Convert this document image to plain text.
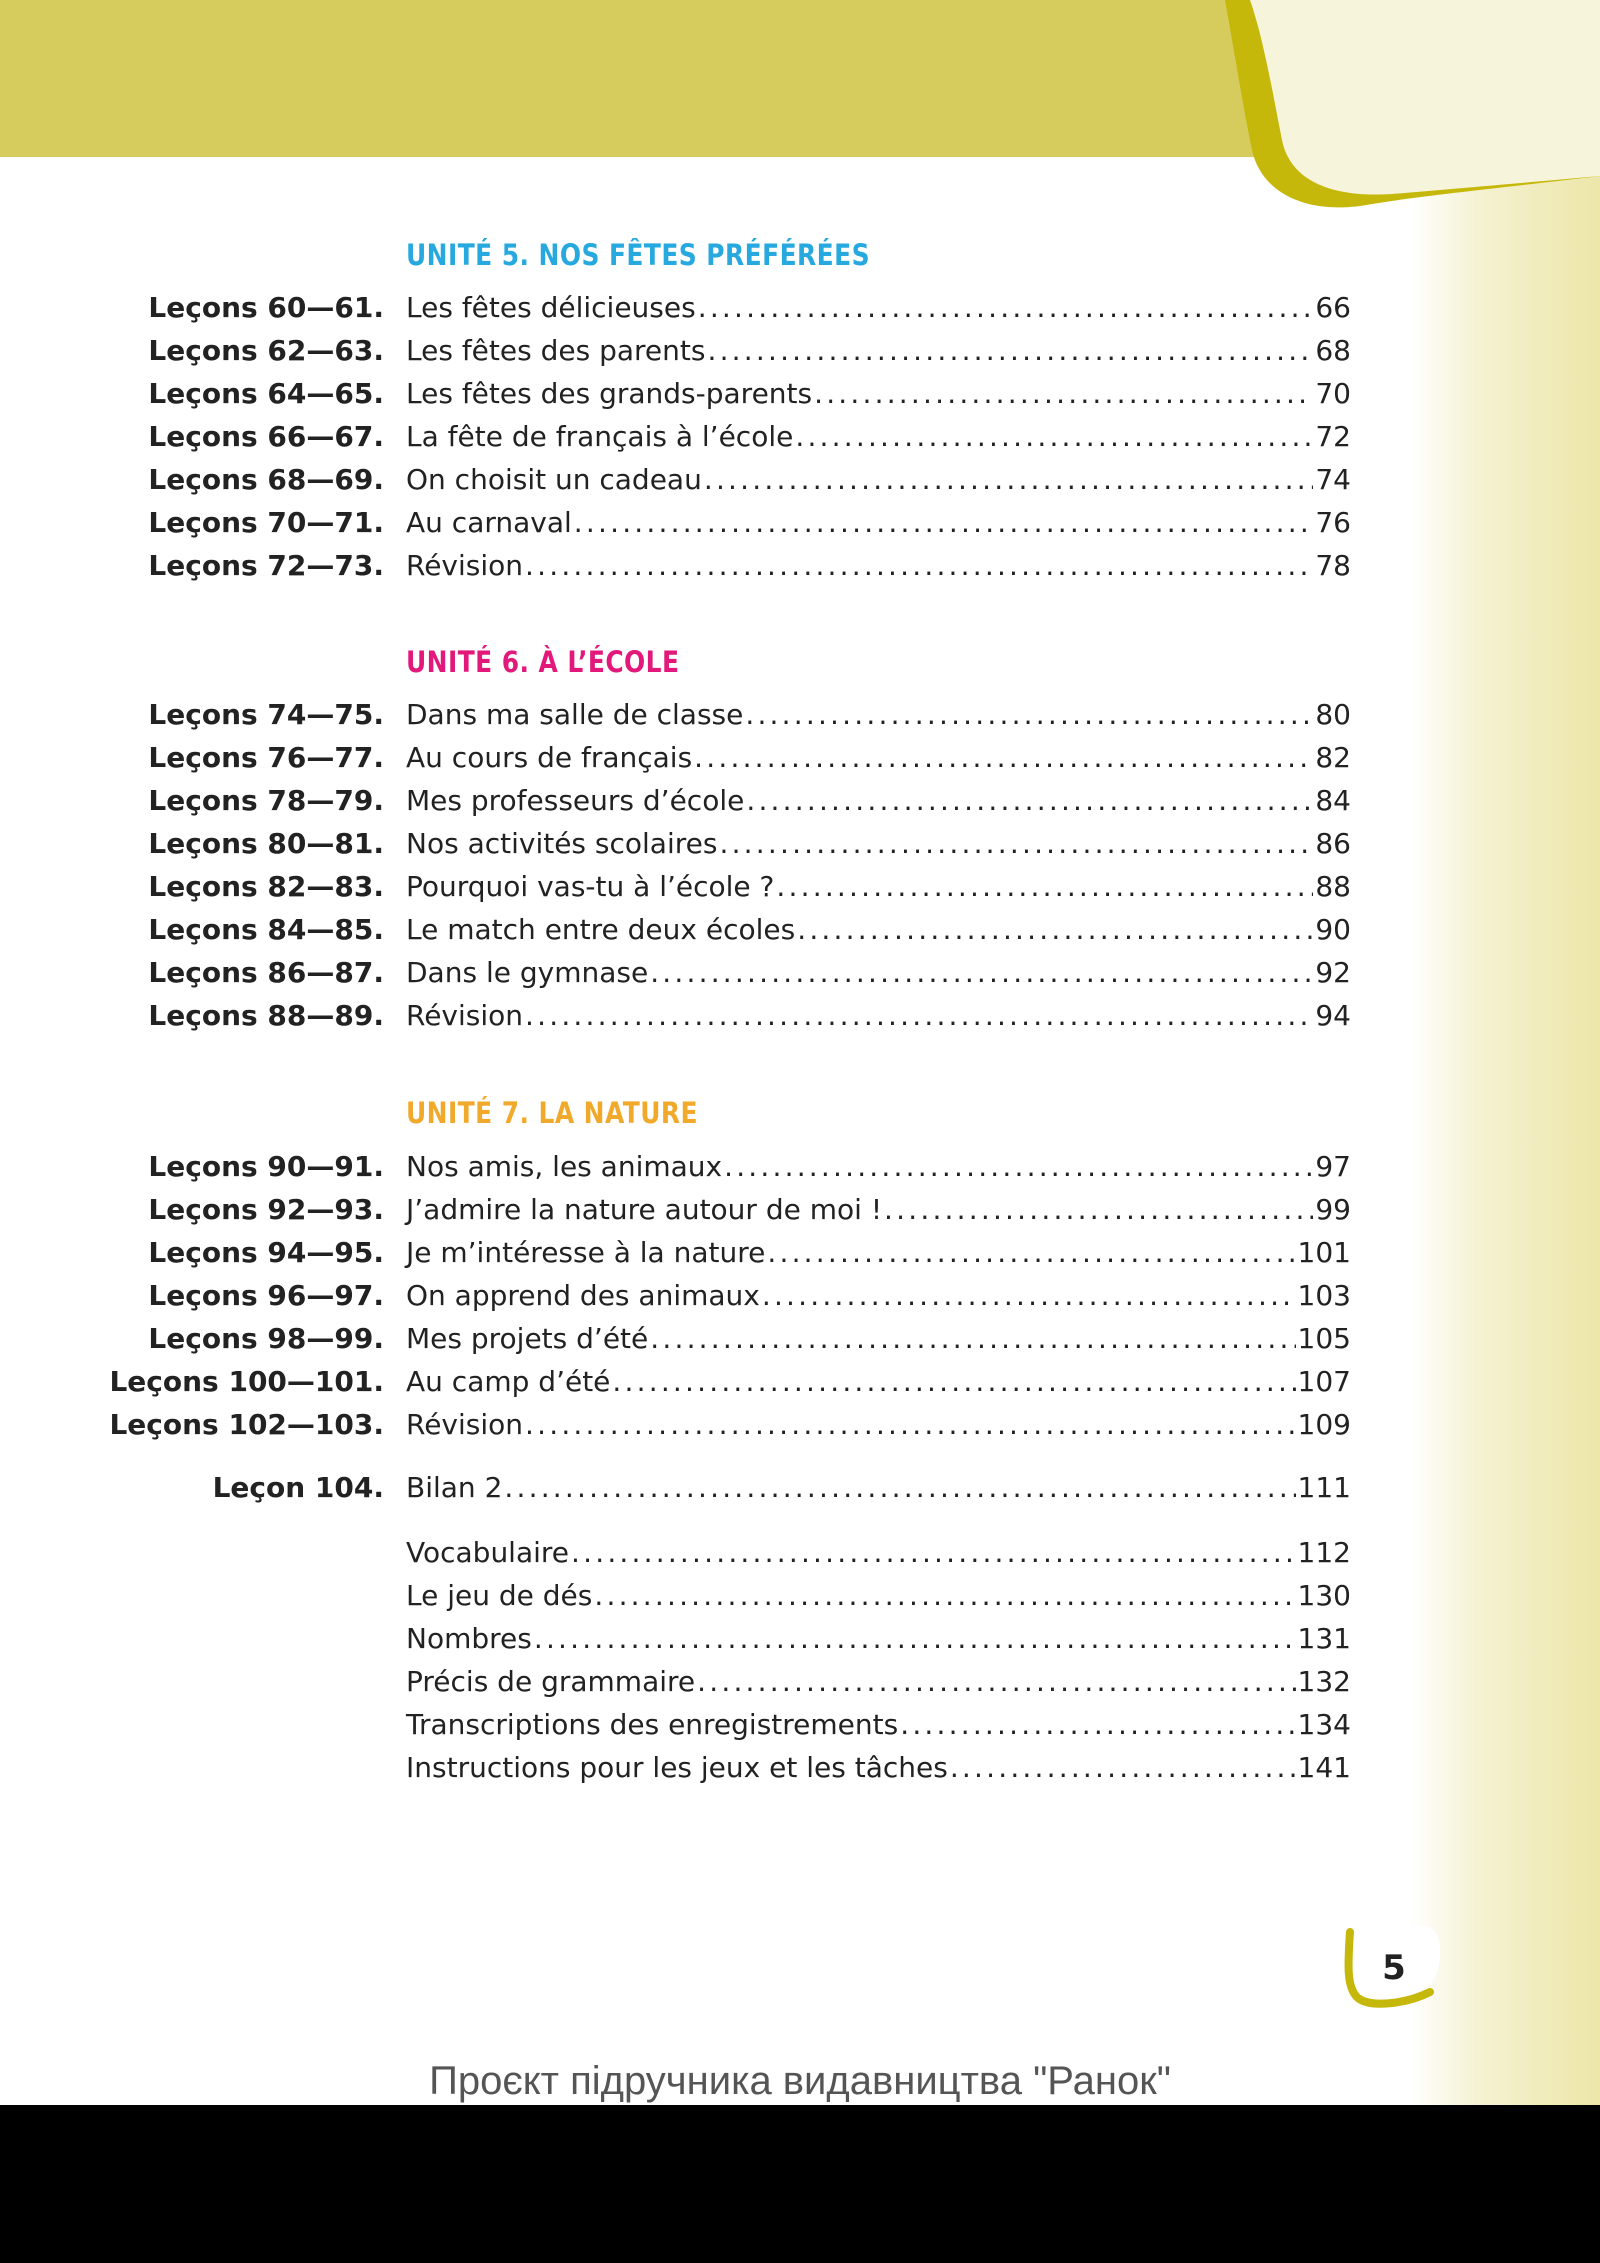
UNITÉ 5. NOS FÊTES PRÉFÉRÉES
Leçons 60—61. Les fêtes délicieuses .....	66
Leçons 62—63. Les fêtes des parents .....	68
Leçons 64—65. Les fêtes des grands-parents .....	70
Leçons 66—67. La fête de français à l’école .....	72
Leçons 68—69. On choisit un cadeau .....	74
Leçons 70—71. Au carnaval .....	76
Leçons 72—73. Révision .....	78
UNITÉ 6. À L’ÉCOLE
Leçons 74—75. Dans ma salle de classe .....	80
Leçons 76—77. Au cours de français .....	82
Leçons 78—79. Mes professeurs d’école .....	84
Leçons 80—81. Nos activités scolaires .....	86
Leçons 82—83. Pourquoi vas-tu à l’école ? .....	88
Leçons 84—85. Le match entre deux écoles .....	90
Leçons 86—87. Dans le gymnase .....	92
Leçons 88—89. Révision .....	94
UNITÉ 7. LA NATURE
Leçons 90—91. Nos amis, les animaux .....	97
Leçons 92—93. J’admire la nature autour de moi ! .....	99
Leçons 94—95. Je m’intéresse à la nature .....	101
Leçons 96—97. On apprend des animaux .....	103
Leçons 98—99. Mes projets d’été .....	105
Leçons 100—101. Au camp d’été .....	107
Leçons 102—103. Révision .....	109
Leçon 104. Bilan 2 .....	111
Vocabulaire .....	112
Le jeu de dés .....	130
Nombres .....	131
Précis de grammaire .....	132
Transcriptions des enregistrements .....	134
Instructions pour les jeux et les tâches .....	141
5
Проєкт підручника видавництва "Ранок"
